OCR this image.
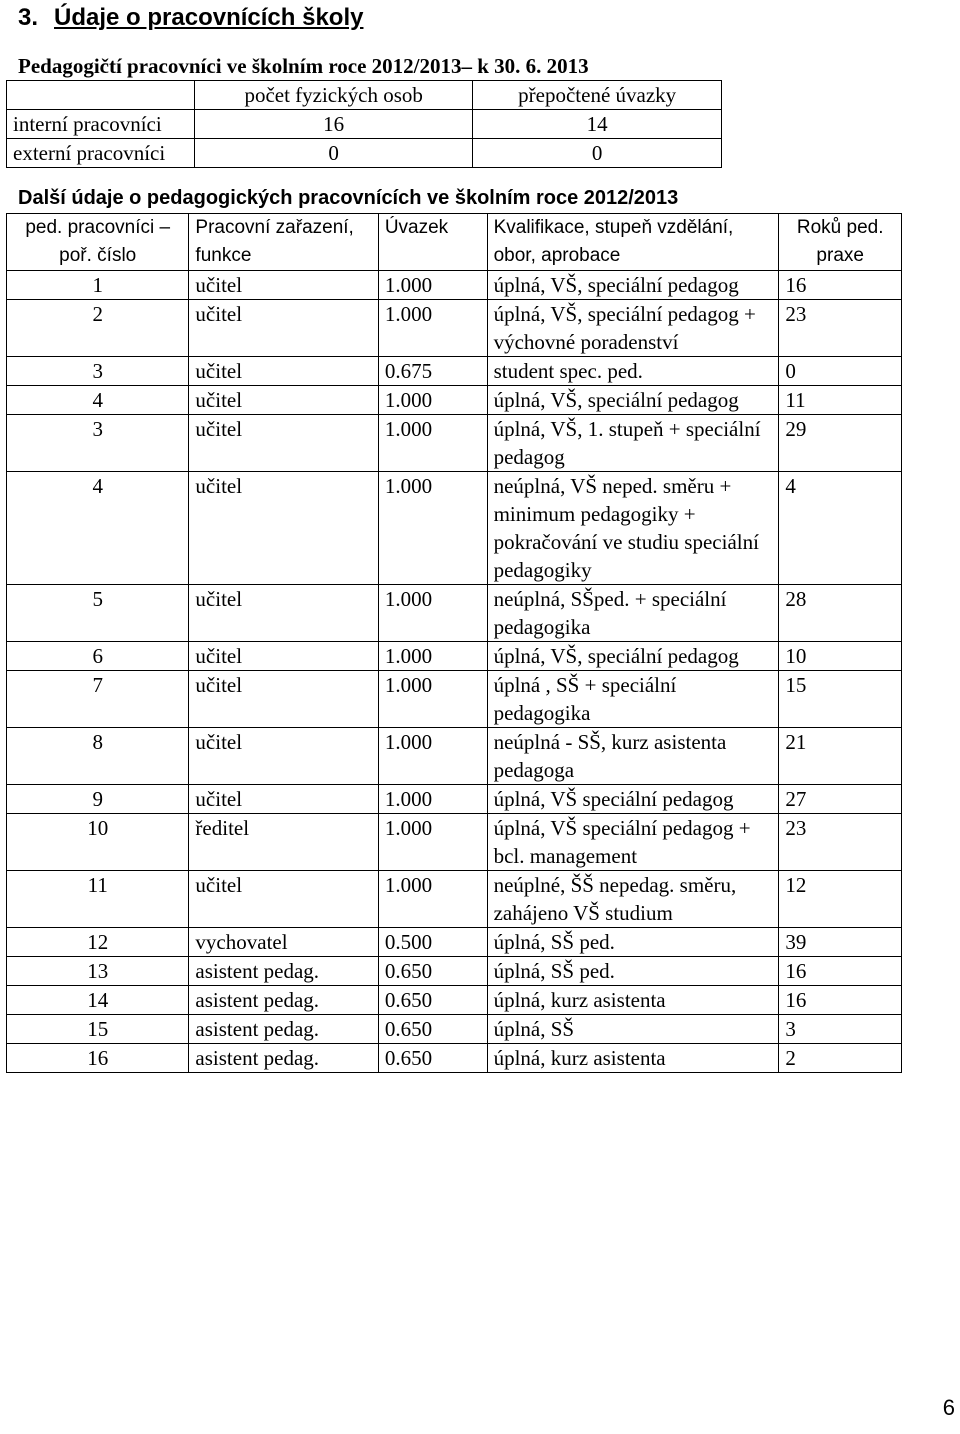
3. Údaje o pracovnících školy

Pedagogičtí pracovníci ve školním roce 2012/2013– k 30. 6. 2013

	počet fyzických osob	přepočtené úvazky
interní pracovníci	16	14
externí pracovníci	0	0

Další údaje o pedagogických pracovnících ve školním roce 2012/2013

ped. pracovníci – poř. číslo	Pracovní zařazení, funkce	Úvazek	Kvalifikace, stupeň vzdělání, obor, aprobace	Roků ped. praxe
1	učitel	1.000	úplná, VŠ, speciální pedagog	16
2	učitel	1.000	úplná, VŠ, speciální pedagog + výchovné poradenství	23
3	učitel	0.675	student spec. ped.	0
4	učitel	1.000	úplná, VŠ, speciální pedagog	11
3	učitel	1.000	úplná, VŠ, 1. stupeň + speciální pedagog	29
4	učitel	1.000	neúplná, VŠ neped. směru + minimum pedagogiky + pokračování ve studiu speciální pedagogiky	4
5	učitel	1.000	neúplná, SŠped. + speciální pedagogika	28
6	učitel	1.000	úplná, VŠ, speciální pedagog	10
7	učitel	1.000	úplná , SŠ + speciální pedagogika	15
8	učitel	1.000	neúplná - SŠ, kurz asistenta pedagoga	21
9	učitel	1.000	úplná, VŠ speciální pedagog	27
10	ředitel	1.000	úplná, VŠ speciální pedagog + bcl. management	23
11	učitel	1.000	neúplné, ŠŠ nepedag. směru, zahájeno VŠ studium	12
12	vychovatel	0.500	úplná, SŠ ped.	39
13	asistent pedag.	0.650	úplná, SŠ ped.	16
14	asistent pedag.	0.650	úplná, kurz asistenta	16
15	asistent pedag.	0.650	úplná, SŠ	3
16	asistent pedag.	0.650	úplná, kurz asistenta	2

6
